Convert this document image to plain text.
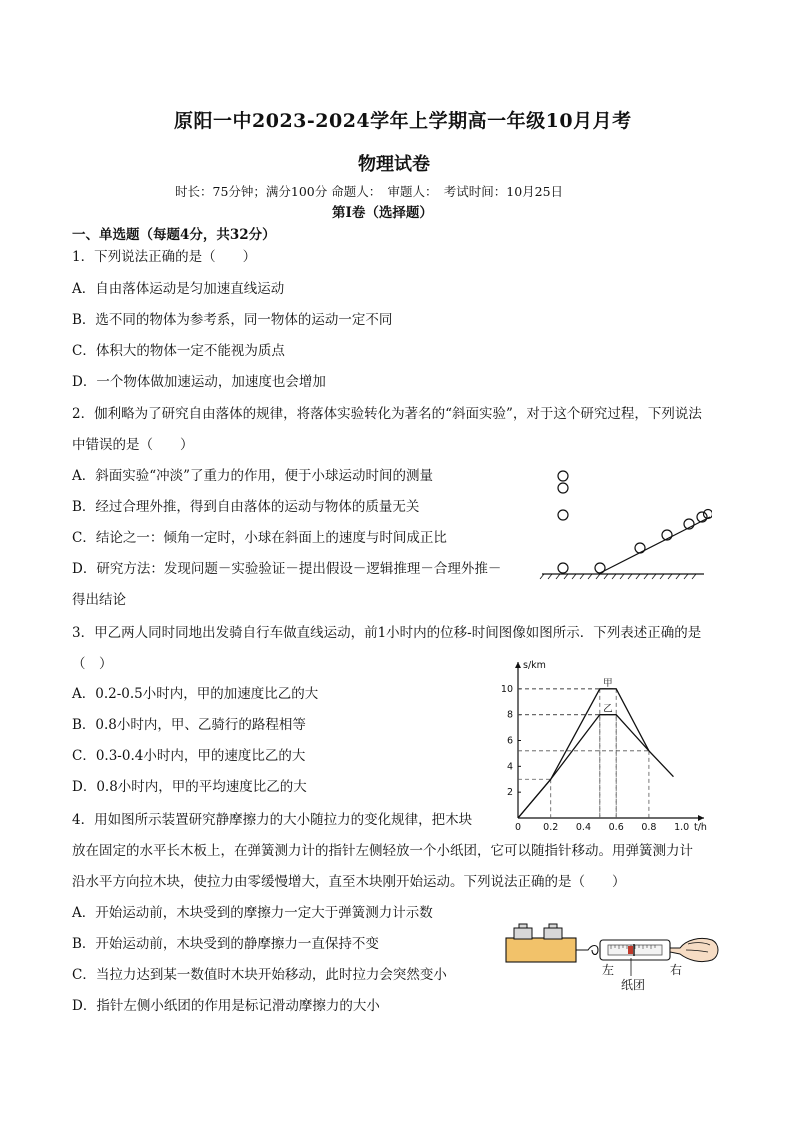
原阳一中2023-2024学年上学期高一年级10月月考
物理试卷
时长：75分钟；满分100分 命题人：　审题人：　考试时间：10月25日
第Ⅰ卷（选择题）
一、单选题（每题4分，共32分）
1．下列说法正确的是（　　）
A．自由落体运动是匀加速直线运动
B．选不同的物体为参考系，同一物体的运动一定不同
C．体积大的物体一定不能视为质点
D．一个物体做加速运动，加速度也会增加
2．伽利略为了研究自由落体的规律，将落体实验转化为著名的“斜面实验”，对于这个研究过程，下列说法
中错误的是（　　）
A．斜面实验“冲淡”了重力的作用，便于小球运动时间的测量
B．经过合理外推，得到自由落体的运动与物体的质量无关
C．结论之一：倾角一定时，小球在斜面上的速度与时间成正比
D．研究方法：发现问题－实验验证－提出假设－逻辑推理－合理外推－
得出结论
3．甲乙两人同时同地出发骑自行车做直线运动，前1小时内的位移-时间图像如图所示．下列表述正确的是
（　）
A．0.2-0.5小时内，甲的加速度比乙的大
B．0.8小时内，甲、乙骑行的路程相等
C．0.3-0.4小时内，甲的速度比乙的大
D．0.8小时内，甲的平均速度比乙的大
0 0.2 0.4 0.6 0.8 1.0
2
4
6
8
10
t/h
s/km
甲
乙
4．用如图所示装置研究静摩擦力的大小随拉力的变化规律，把木块
放在固定的水平长木板上，在弹簧测力计的指针左侧轻放一个小纸团，它可以随指针移动。用弹簧测力计
沿水平方向拉木块，使拉力由零缓慢增大，直至木块刚开始运动。下列说法正确的是（　　）
A．开始运动前，木块受到的摩擦力一定大于弹簧测力计示数
B．开始运动前，木块受到的静摩擦力一直保持不变
C．当拉力达到某一数值时木块开始移动，此时拉力会突然变小
D．指针左侧小纸团的作用是标记滑动摩擦力的大小
左	右
纸团
